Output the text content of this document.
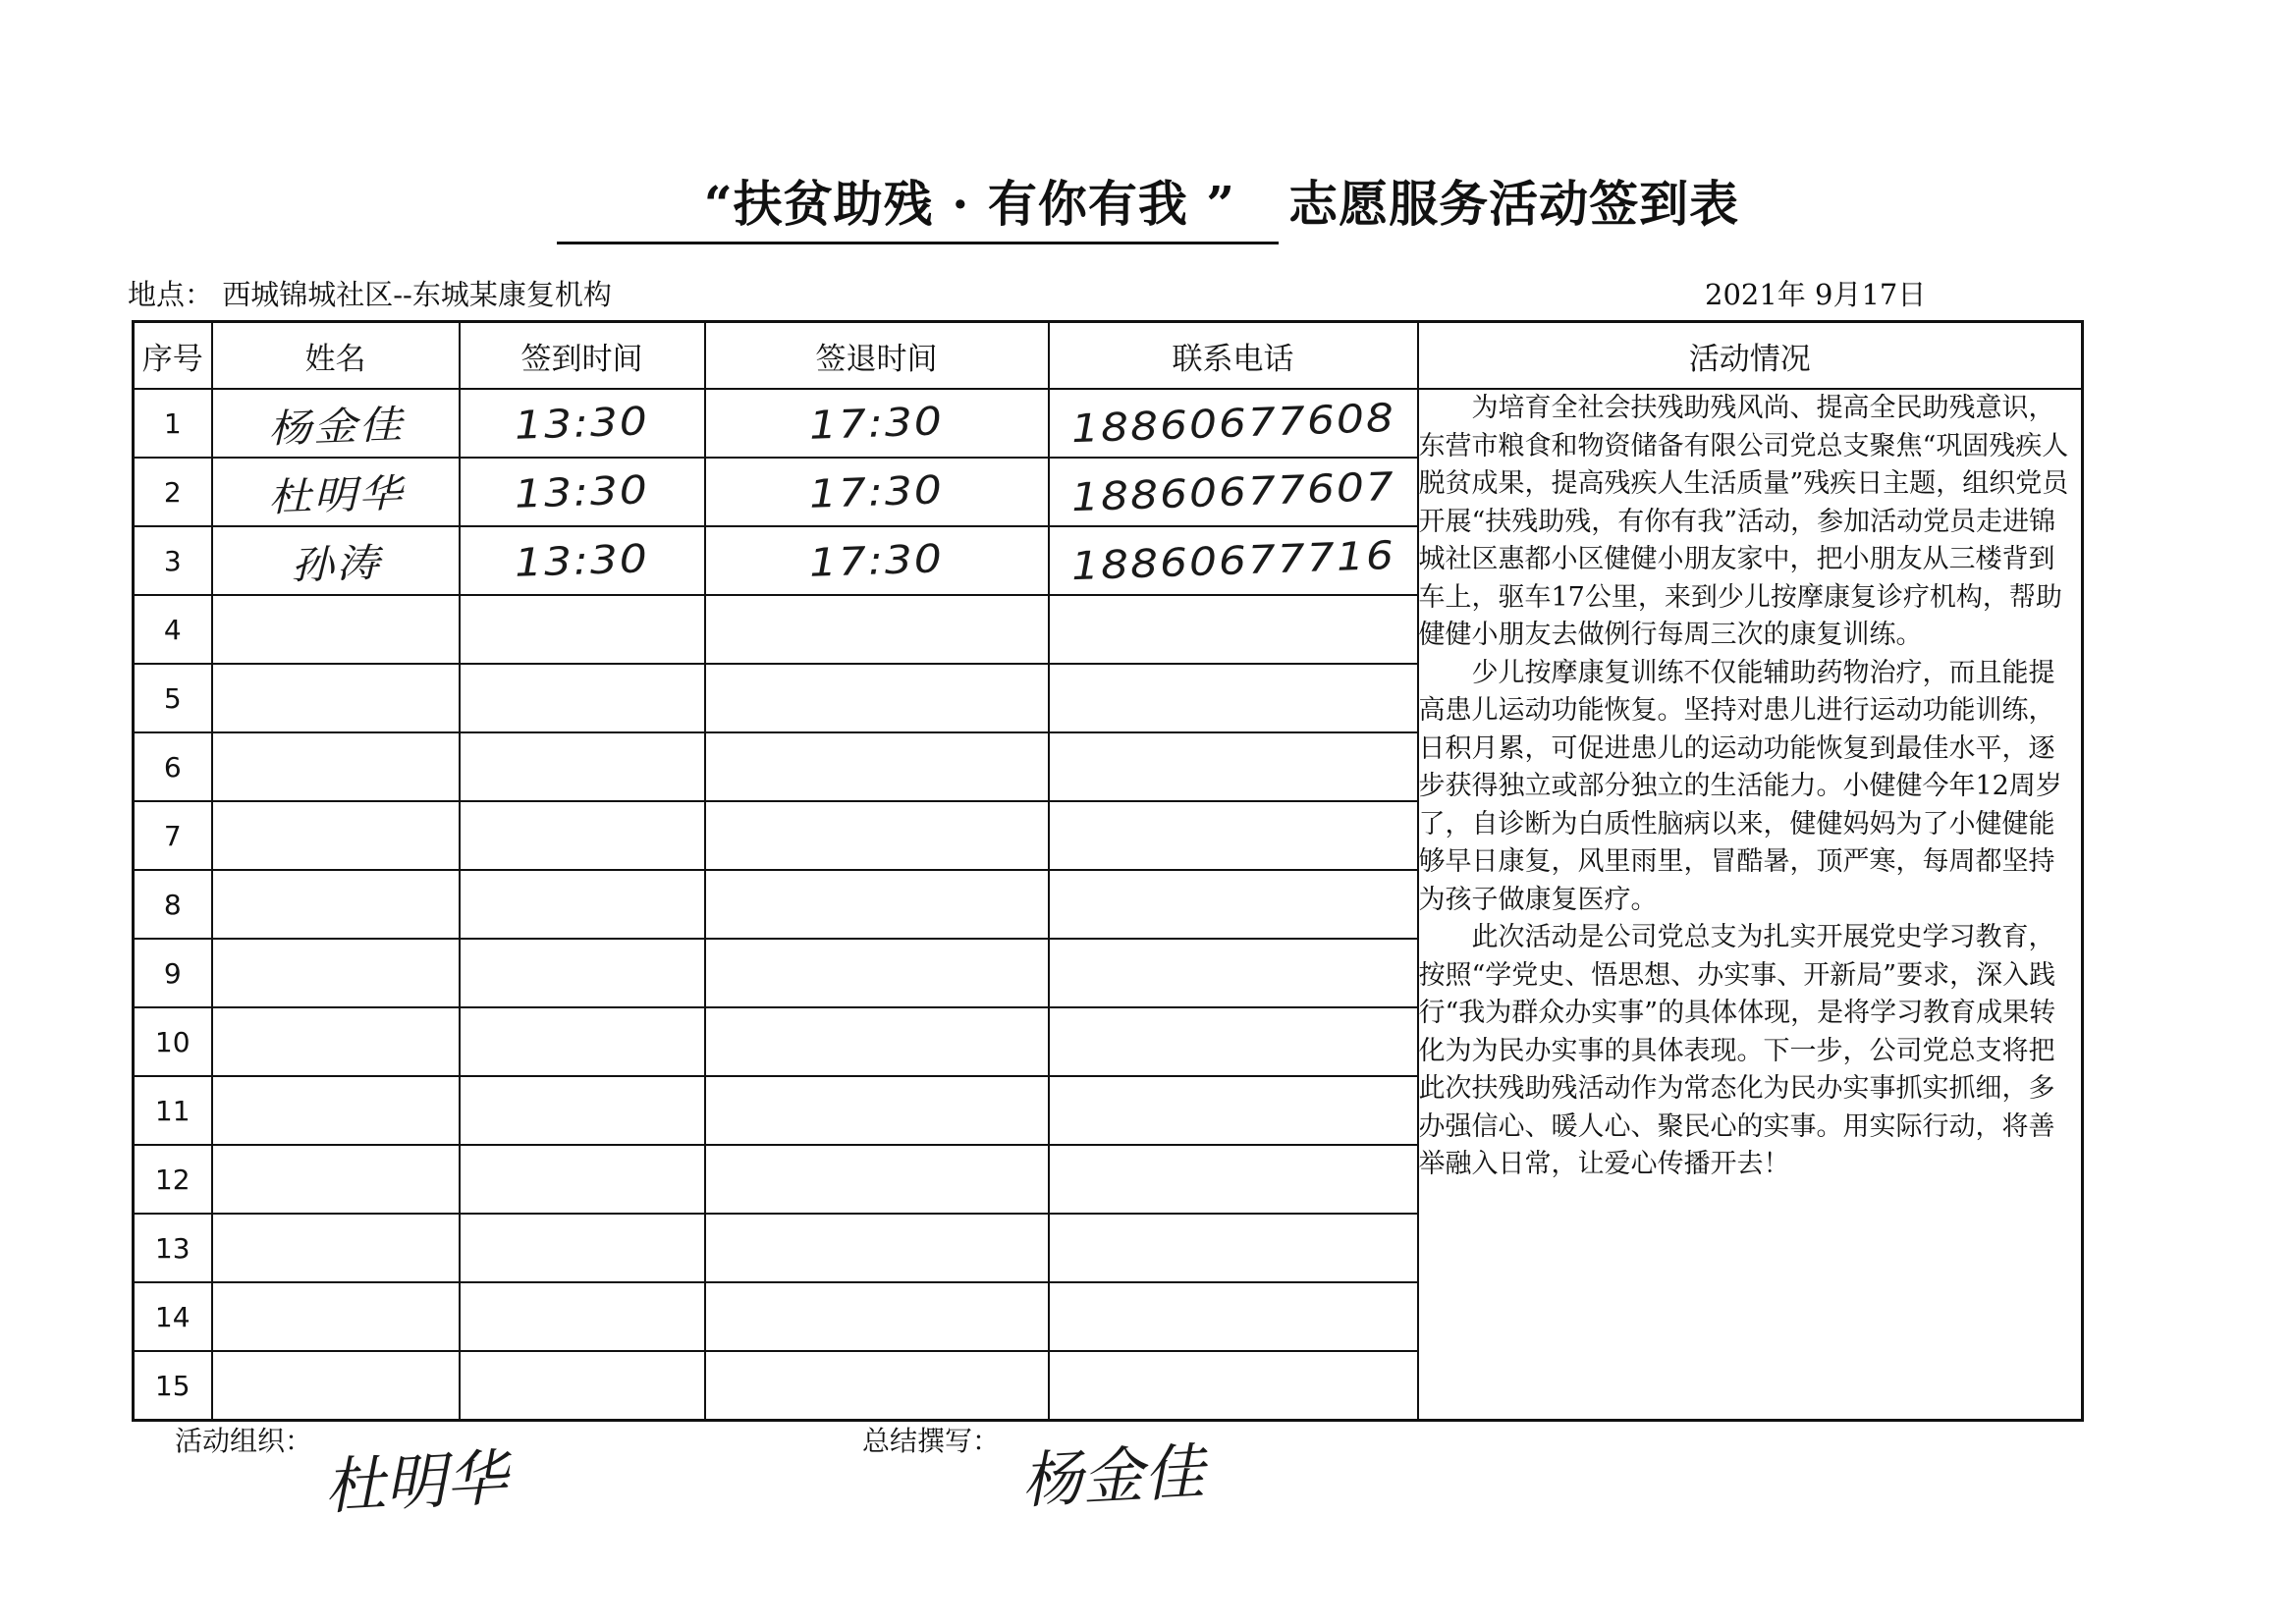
“扶贫助残 · 有你有我 ” 志愿服务活动签到表
地点： 西城锦城社区--东城某康复机构	2021年 9月17日
序号	姓名	签到时间	签退时间	联系电话	活动情况
1	杨金佳	13:30	17:30	18860677608	为培育全社会扶残助残风尚、提高全民助残意识，东营市粮食和物资储备有限公司党总支聚焦“巩固残疾人脱贫成果，提高残疾人生活质量”残疾日主题，组织党员开展“扶残助残，有你有我”活动，参加活动党员走进锦城社区惠都小区健健小朋友家中，把小朋友从三楼背到车上，驱车17公里，来到少儿按摩康复诊疗机构，帮助健健小朋友去做例行每周三次的康复训练。

少儿按摩康复训练不仅能辅助药物治疗，而且能提高患儿运动功能恢复。坚持对患儿进行运动功能训练，日积月累，可促进患儿的运动功能恢复到最佳水平，逐步获得独立或部分独立的生活能力。小健健今年12周岁了，自诊断为白质性脑病以来，健健妈妈为了小健健能够早日康复，风里雨里，冒酷暑，顶严寒，每周都坚持为孩子做康复医疗。

此次活动是公司党总支为扎实开展党史学习教育，按照“学党史、悟思想、办实事、开新局”要求，深入践行“我为群众办实事”的具体体现，是将学习教育成果转化为为民办实事的具体表现。下一步，公司党总支将把此次扶残助残活动作为常态化为民办实事抓实抓细，多办强信心、暖人心、聚民心的实事。用实际行动，将善举融入日常，让爱心传播开去！

2	杜明华	13:30	17:30	18860677607	
3	孙涛	13:30	17:30	18860677716	
4					
5					
6					
7					
8					
9					
10					
11					
12					
13					
14					
15					
活动组织：
杜明华
总结撰写： 杨金佳
